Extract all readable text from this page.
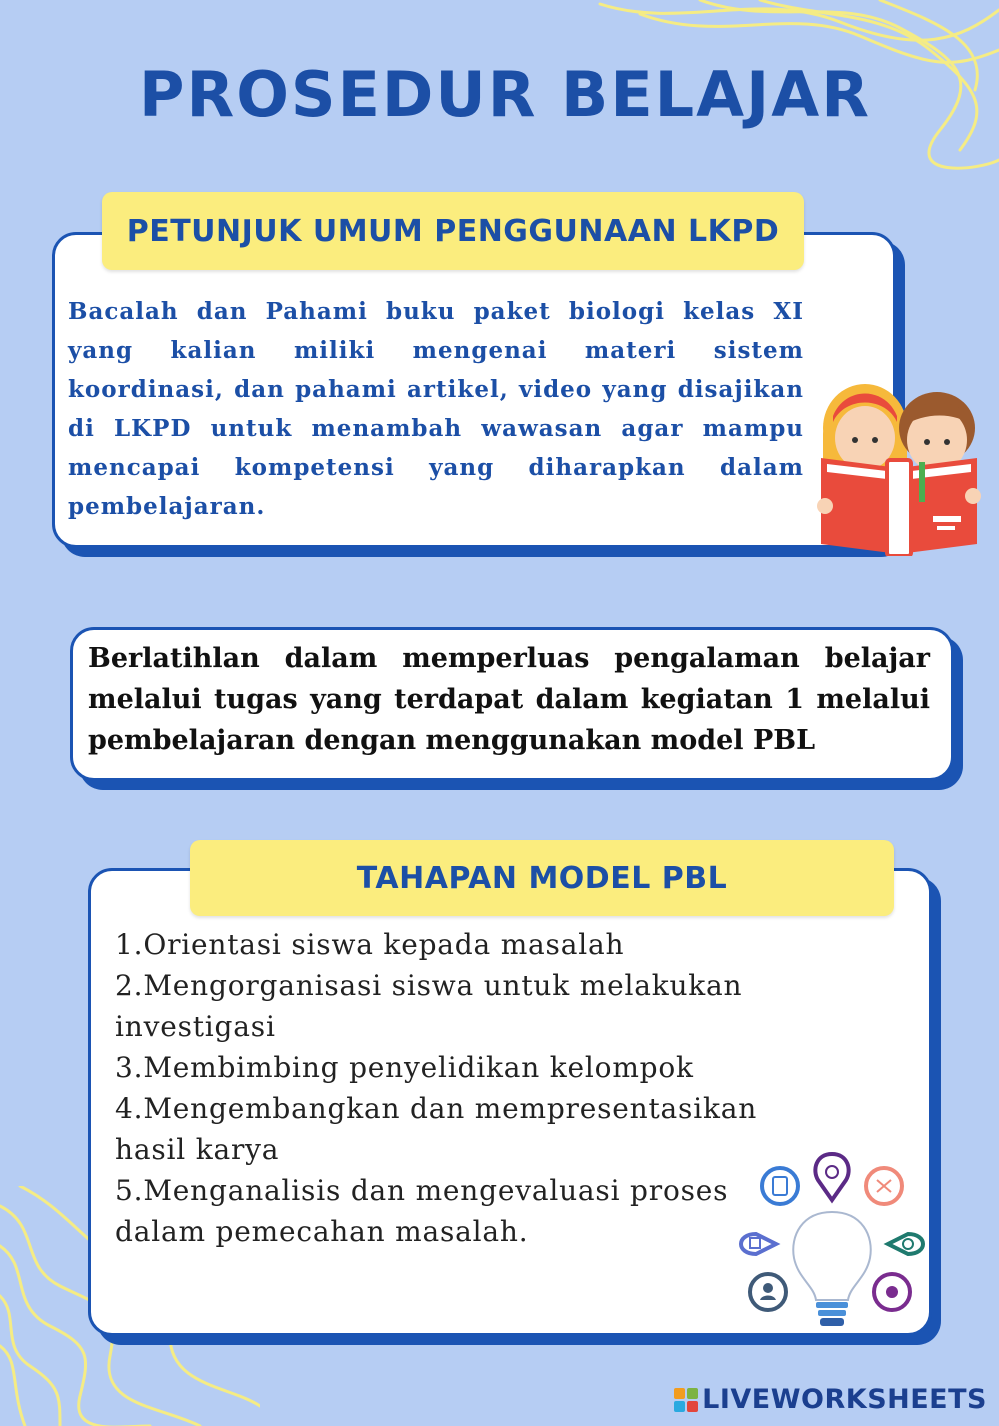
PROSEDUR BELAJAR
PETUNJUK UMUM PENGGUNAAN LKPD
Bacalah dan Pahami buku paket biologi kelas XI yang kalian miliki mengenai materi sistem koordinasi, dan pahami artikel, video yang disajikan di LKPD untuk menambah wawasan agar mampu mencapai kompetensi yang diharapkan dalam pembelajaran.
Berlatihlan dalam memperluas pengalaman belajar melalui tugas yang terdapat dalam kegiatan 1 melalui pembelajaran dengan menggunakan model PBL
TAHAPAN MODEL PBL
1.Orientasi siswa kepada masalah
2.Mengorganisasi siswa untuk melakukan investigasi
3.Membimbing penyelidikan kelompok
4.Mengembangkan dan mempresentasikan hasil karya
5.Menganalisis dan mengevaluasi proses dalam pemecahan masalah.
LIVEWORKSHEETS
